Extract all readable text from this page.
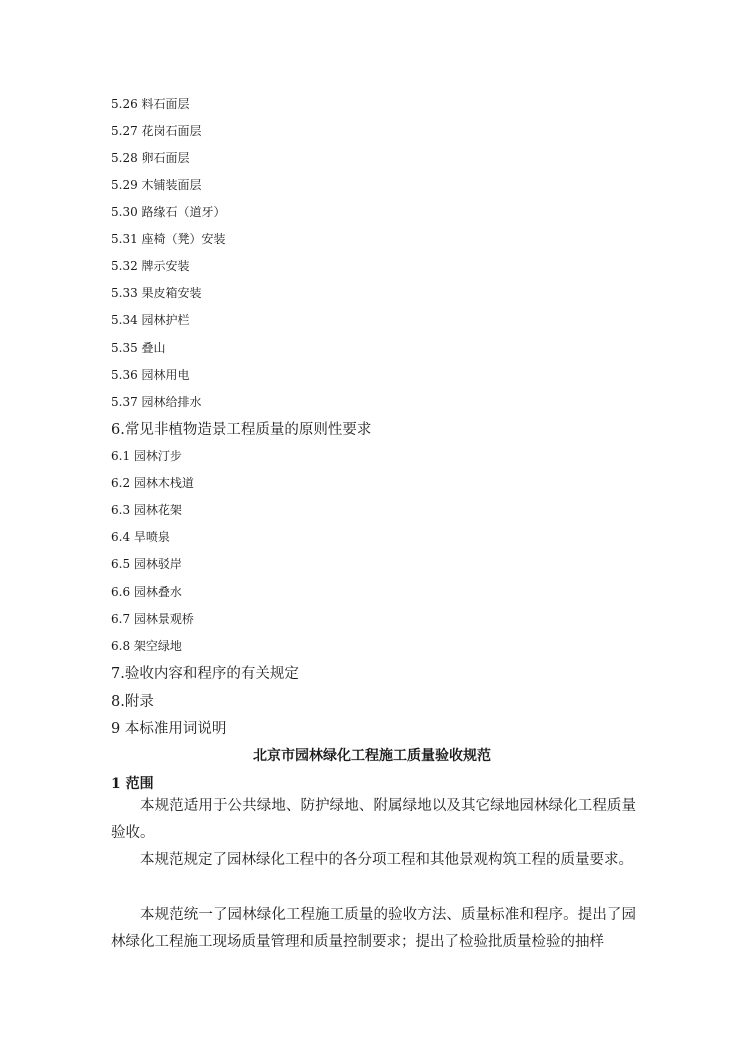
5.26 料石面层
5.27 花岗石面层
5.28 卵石面层
5.29 木铺装面层
5.30 路缘石（道牙）
5.31 座椅（凳）安装
5.32 牌示安装
5.33 果皮箱安装
5.34 园林护栏
5.35 叠山
5.36 园林用电
5.37 园林给排水
6.常见非植物造景工程质量的原则性要求
6.1 园林汀步
6.2 园林木栈道
6.3 园林花架
6.4 旱喷泉
6.5 园林驳岸
6.6 园林叠水
6.7 园林景观桥
6.8 架空绿地
7.验收内容和程序的有关规定
8.附录
9 本标准用词说明
北京市园林绿化工程施工质量验收规范
1 范围
本规范适用于公共绿地、防护绿地、附属绿地以及其它绿地园林绿化工程质量验收。
本规范规定了园林绿化工程中的各分项工程和其他景观构筑工程的质量要求。
本规范统一了园林绿化工程施工质量的验收方法、质量标准和程序。提出了园林绿化工程施工现场质量管理和质量控制要求；提出了检验批质量检验的抽样
